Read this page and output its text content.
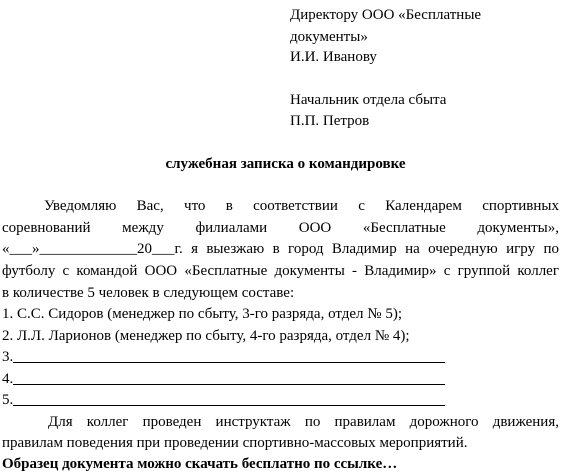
Директору ООО «Бесплатные
документы»
И.И. Иванову
Начальник отдела сбыта
П.П. Петров
служебная записка о командировке
Уведомляю Вас, что в соответствии с Календарем спортивных
соревнований между филиалами ООО «Бесплатные документы»,
«___»_____________20___г. я выезжаю в город Владимир на очередную игру по
футболу с командой ООО «Бесплатные документы - Владимир» с группой коллег
в количестве 5 человек в следующем составе:
1. С.С. Сидоров (менеджер по сбыту, 3-го разряда, отдел № 5);
2. Л.Л. Ларионов (менеджер по сбыту, 4-го разряда, отдел № 4);
3.
4.
5.
Для коллег проведен инструктаж по правилам дорожного движения,
правилам поведения при проведении спортивно-массовых мероприятий.
Образец документа можно скачать бесплатно по ссылке…
